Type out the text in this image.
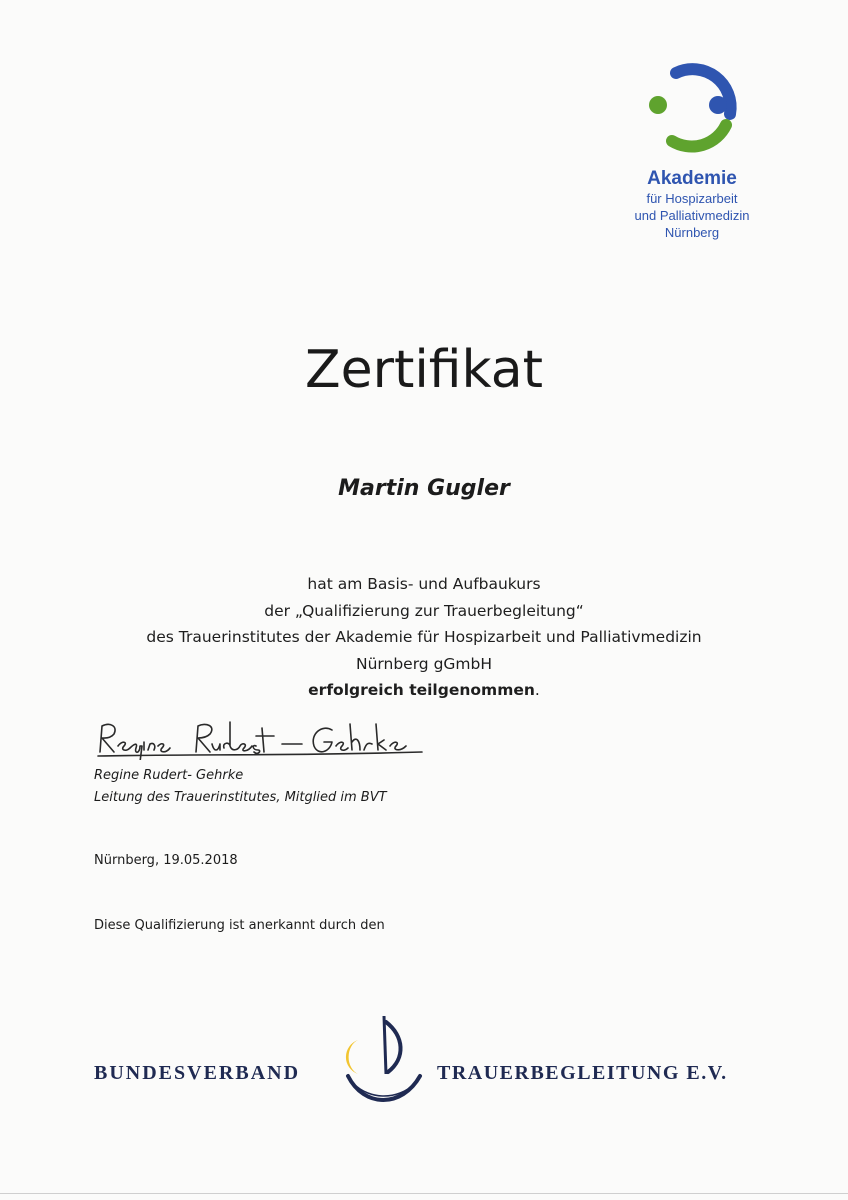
Akademie
für Hospizarbeit
und Palliativmedizin
Nürnberg
Zertifikat
Martin Gugler
hat am Basis- und Aufbaukurs
der „Qualifizierung zur Trauerbegleitung“
des Trauerinstitutes der Akademie für Hospizarbeit und Palliativmedizin
Nürnberg gGmbH
erfolgreich teilgenommen.
Regine Rudert- Gehrke
Leitung des Trauerinstitutes, Mitglied im BVT
Nürnberg, 19.05.2018
Diese Qualifizierung ist anerkannt durch den
BUNDESVERBAND	TRAUERBEGLEITUNG E.V.
